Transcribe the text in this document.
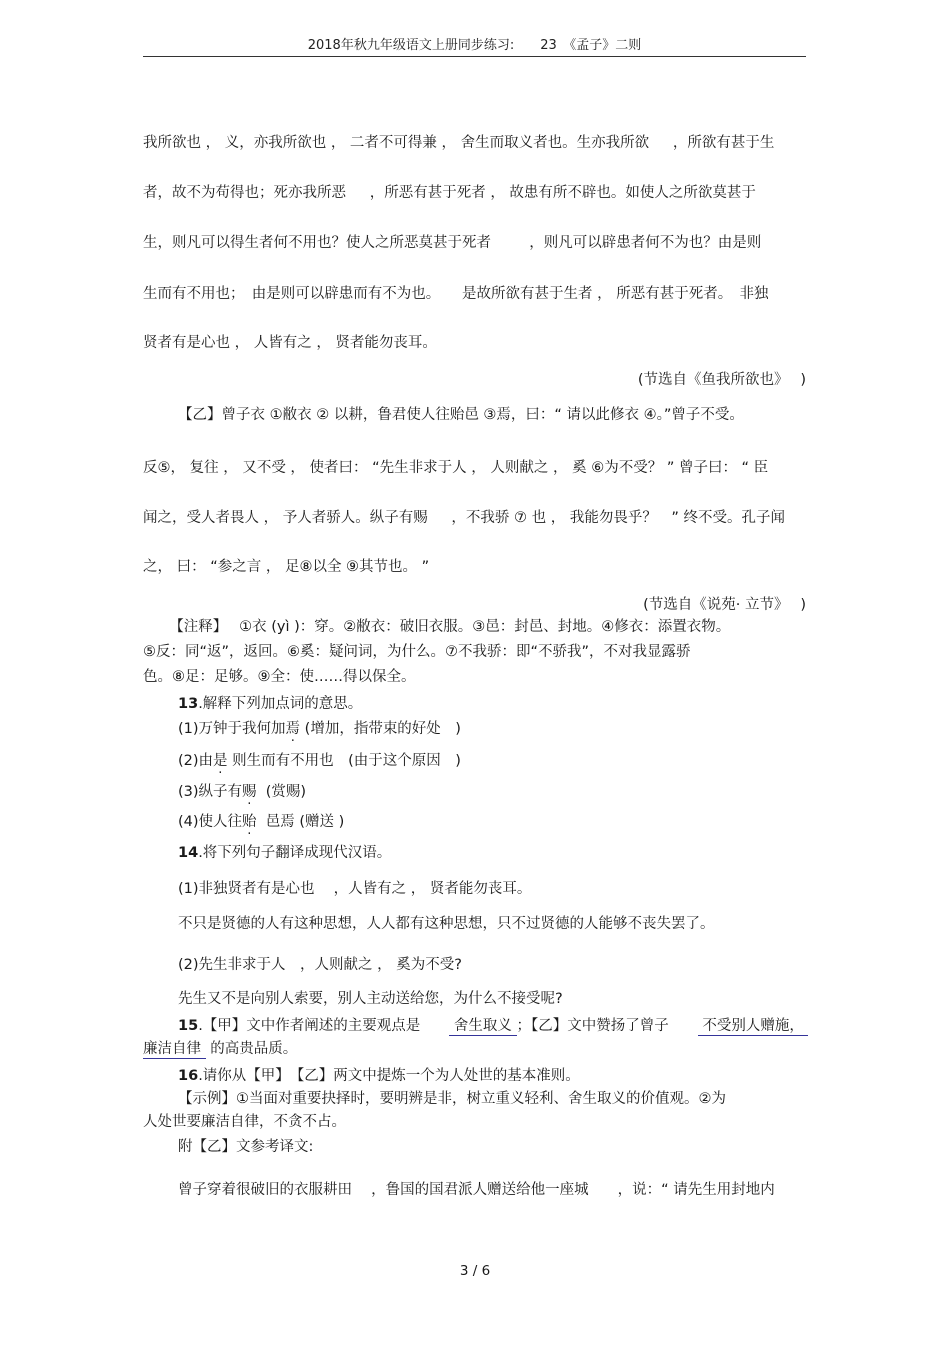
2018年秋九年级语文上册同步练习:　　23　《孟子》二则
我所欲也 ， 义，亦我所欲也 ， 二者不可得兼 ， 舍生而取义者也。生亦我所欲 　 ，所欲有甚于生
者，故不为苟得也；死亦我所恶 　 ，所恶有甚于死者 ， 故患有所不辟也。如使人之所欲莫甚于
生，则凡可以得生者何不用也？使人之所恶莫甚于死者 　　 ，则凡可以辟患者何不为也？由是则
生而有不用也；　由是则可以辟患而有不为也。　　是故所欲有甚于生者 ， 所恶有甚于死者。　非独
贤者有是心也 ， 人皆有之 ， 贤者能勿丧耳。
(节选自《鱼我所欲也》　 )
【乙】曾子衣 ①敝衣 ② 以耕，鲁君使人往贻邑 ③焉，曰：“ 请以此修衣 ④。”曾子不受。
反⑤， 复往 ， 又不受 ， 使者曰： “先生非求于人 ， 人则献之 ， 奚 ⑥为不受？ ” 曾子曰： “ 臣
闻之，受人者畏人 ， 予人者骄人。纵子有赐 　 ，不我骄 ⑦ 也 ， 我能勿畏乎？　” 终不受。孔子闻
之， 曰： “参之言 ， 足⑧以全 ⑨其节也。 ”
(节选自《说苑· 立节》　 )
　【注释】　 ①衣 (yì )：穿。②敝衣：破旧衣服。③邑：封邑、封地。④修衣：添置衣物。
⑤反：同“返”，返回。⑥奚：疑问词，为什么。⑦不我骄：即“不骄我”，不对我显露骄
色。⑧足：足够。⑨全：使……得以保全。
13.解释下列加点词的意思。
(1)万钟于我何加焉 (增加，指带束的好处　)
(2)由是 则生而有不用也　(由于这个原因　)
(3)纵子有赐  (赏赐)
(4)使人往贻  邑焉 (赠送 )
14.将下列句子翻译成现代汉语。
(1)非独贤者有是心也　 ，人皆有之 ， 贤者能勿丧耳。
不只是贤德的人有这种思想，人人都有这种思想，只不过贤德的人能够不丧失罢了。
(2)先生非求于人　，人则献之 ， 奚为不受?
先生又不是向别人索要，别人主动送给您，为什么不接受呢?
15.【甲】文中作者阐述的主要观点是　　 舍生取义 ；【乙】文中赞扬了曾子　　 不受别人赠施，
廉洁自律  的高贵品质。
16.请你从【甲】　【乙】两文中提炼一个为人处世的基本准则。
【示例】①当面对重要抉择时，要明辨是非，树立重义轻利、舍生取义的价值观。②为
人处世要廉洁自律，不贪不占。
附【乙】文参考译文:
曾子穿着很破旧的衣服耕田　 ，鲁国的国君派人赠送给他一座城　　，说：“ 请先生用封地内
3 / 6
